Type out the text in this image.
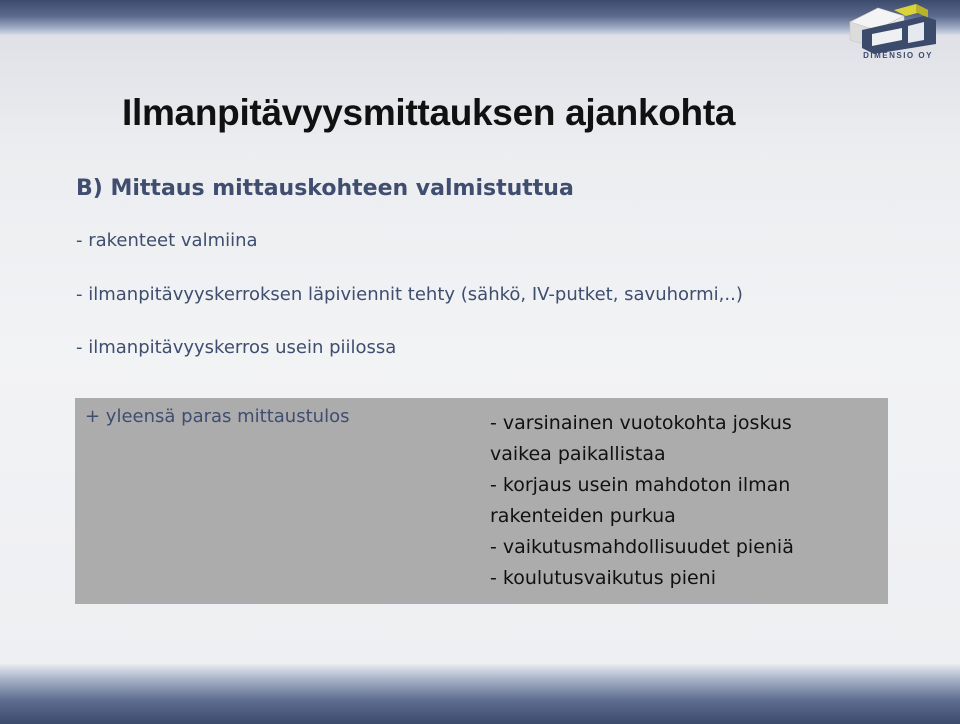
DIMENSIO OY
Ilmanpitävyysmittauksen ajankohta
B) Mittaus mittauskohteen valmistuttua
- rakenteet valmiina
- ilmanpitävyyskerroksen läpiviennit tehty (sähkö, IV-putket, savuhormi,..)
- ilmanpitävyyskerros usein piilossa

+ yleensä paras mittaustulos	- varsinainen vuotokohta joskus
vaikea paikallistaa
- korjaus usein mahdoton ilman
rakenteiden purkua
- vaikutusmahdollisuudet pieniä
- koulutusvaikutus pieni
